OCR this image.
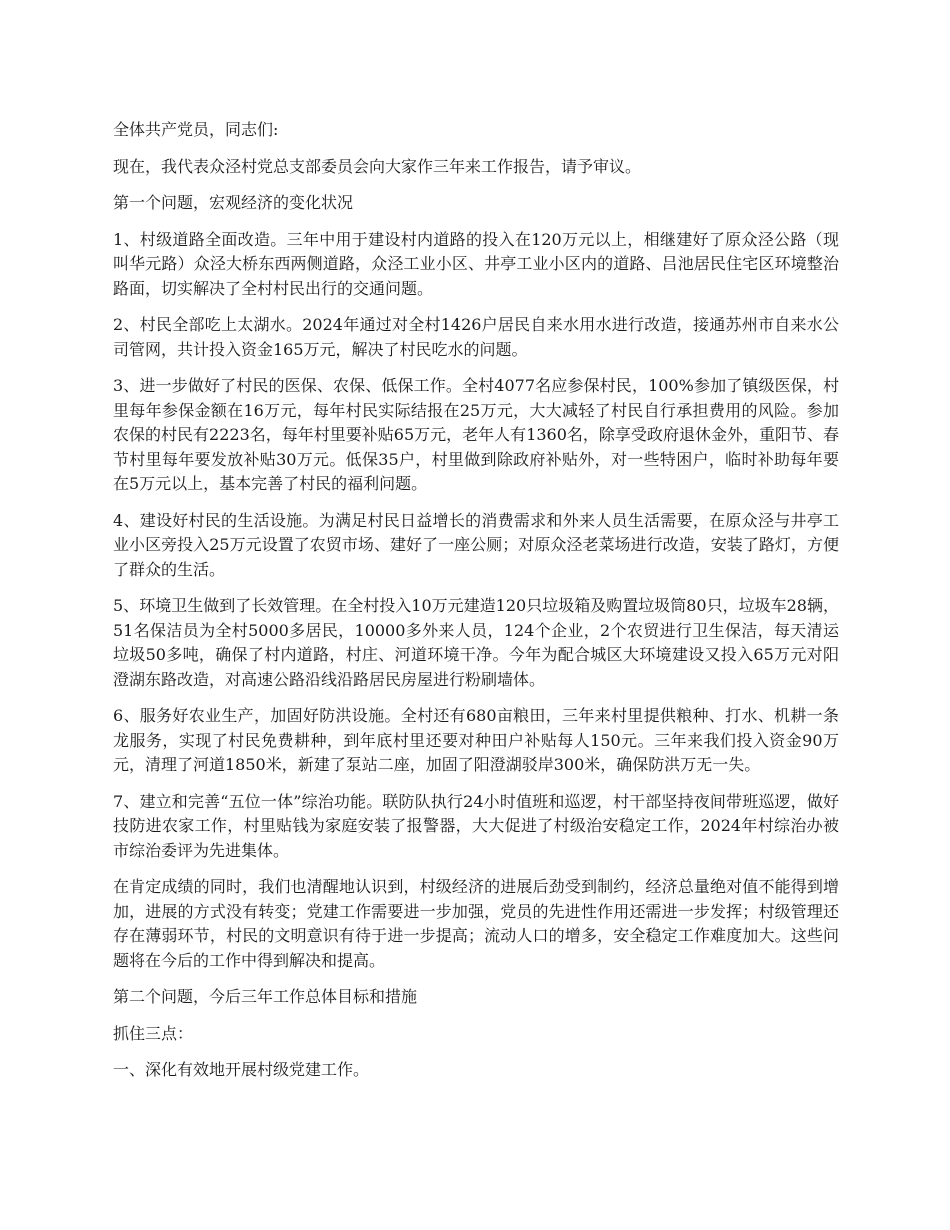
全体共产党员，同志们:

现在，我代表众泾村党总支部委员会向大家作三年来工作报告，请予审议。

第一个问题，宏观经济的变化状况

1、村级道路全面改造。三年中用于建设村内道路的投入在120万元以上，相继建好了原众泾公路（现叫华元路）众泾大桥东西两侧道路，众泾工业小区、井亭工业小区内的道路、吕池居民住宅区环境整治路面，切实解决了全村村民出行的交通问题。

2、村民全部吃上太湖水。2024年通过对全村1426户居民自来水用水进行改造，接通苏州市自来水公司管网，共计投入资金165万元，解决了村民吃水的问题。

3、进一步做好了村民的医保、农保、低保工作。全村4077名应参保村民，100%参加了镇级医保，村里每年参保金额在16万元，每年村民实际结报在25万元，大大减轻了村民自行承担费用的风险。参加农保的村民有2223名，每年村里要补贴65万元，老年人有1360名，除享受政府退休金外，重阳节、春节村里每年要发放补贴30万元。低保35户，村里做到除政府补贴外，对一些特困户，临时补助每年要在5万元以上，基本完善了村民的福利问题。

4、建设好村民的生活设施。为满足村民日益增长的消费需求和外来人员生活需要，在原众泾与井亭工业小区旁投入25万元设置了农贸市场、建好了一座公厕；对原众泾老菜场进行改造，安装了路灯，方便了群众的生活。

5、环境卫生做到了长效管理。在全村投入10万元建造120只垃圾箱及购置垃圾筒80只，垃圾车28辆，51名保洁员为全村5000多居民，10000多外来人员，124个企业，2个农贸进行卫生保洁，每天清运垃圾50多吨，确保了村内道路，村庄、河道环境干净。今年为配合城区大环境建设又投入65万元对阳澄湖东路改造，对高速公路沿线沿路居民房屋进行粉刷墙体。

6、服务好农业生产，加固好防洪设施。全村还有680亩粮田，三年来村里提供粮种、打水、机耕一条龙服务，实现了村民免费耕种，到年底村里还要对种田户补贴每人150元。三年来我们投入资金90万元，清理了河道1850米，新建了泵站二座，加固了阳澄湖驳岸300米，确保防洪万无一失。

7、建立和完善“五位一体”综治功能。联防队执行24小时值班和巡逻，村干部坚持夜间带班巡逻，做好技防进农家工作，村里贴钱为家庭安装了报警器，大大促进了村级治安稳定工作，2024年村综治办被市综治委评为先进集体。

在肯定成绩的同时，我们也清醒地认识到，村级经济的进展后劲受到制约，经济总量绝对值不能得到增加，进展的方式没有转变；党建工作需要进一步加强，党员的先进性作用还需进一步发挥；村级管理还存在薄弱环节，村民的文明意识有待于进一步提高；流动人口的增多，安全稳定工作难度加大。这些问题将在今后的工作中得到解决和提高。

第二个问题，今后三年工作总体目标和措施

抓住三点：

一、深化有效地开展村级党建工作。
